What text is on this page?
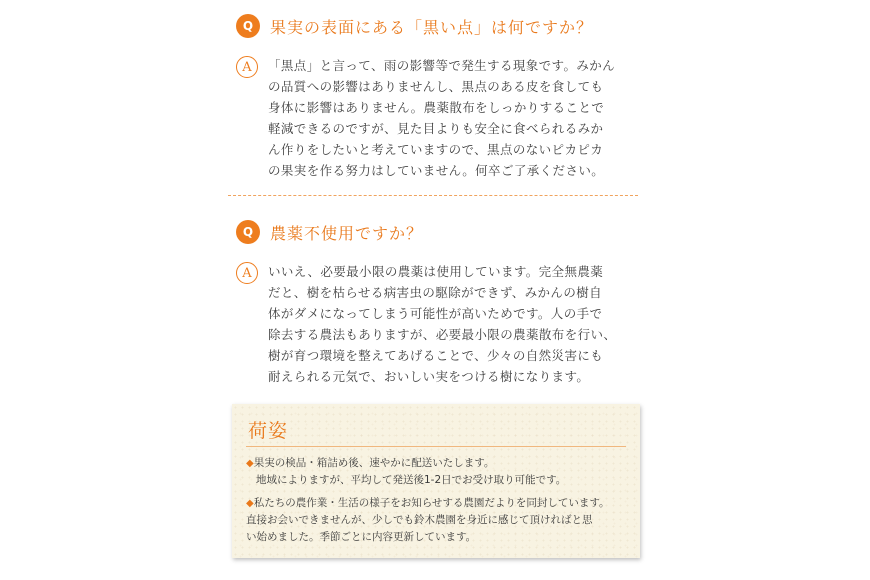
Q	果実の表面にある「黒い点」は何ですか？
A	「黒点」と言って、雨の影響等で発生する現象です。みかん
の品質への影響はありませんし、黒点のある皮を食しても
身体に影響はありません。農薬散布をしっかりすることで
軽減できるのですが、見た目よりも安全に食べられるみか
ん作りをしたいと考えていますので、黒点のないピカピカ
の果実を作る努力はしていません。何卒ご了承ください。
Q	農薬不使用ですか？
A	いいえ、必要最小限の農薬は使用しています。完全無農薬
だと、樹を枯らせる病害虫の駆除ができず、みかんの樹自
体がダメになってしまう可能性が高いためです。人の手で
除去する農法もありますが、必要最小限の農薬散布を行い、
樹が育つ環境を整えてあげることで、少々の自然災害にも
耐えられる元気で、おいしい実をつける樹になります。
荷姿
◆果実の検品・箱詰め後、速やかに配送いたします。
地域によりますが、平均して発送後1-2日でお受け取り可能です。
◆私たちの農作業・生活の様子をお知らせする農園だよりを同封しています。
直接お会いできませんが、少しでも鈴木農園を身近に感じて頂ければと思
い始めました。季節ごとに内容更新しています。
